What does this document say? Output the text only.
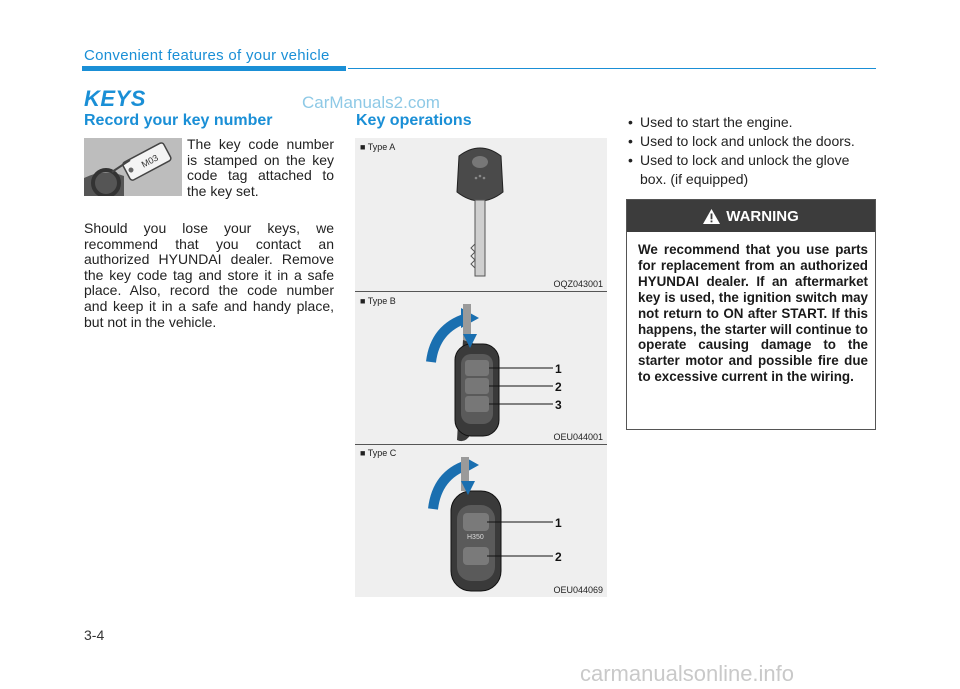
Convenient features of your vehicle
KEYS	CarManuals2.com
Record your key number
M03
The key code number is stamped on the key code tag attached to the key set.
Should you lose your keys, we recommend that you contact an authorized HYUNDAI dealer. Remove the key code tag and store it in a safe place. Also, record the code number and keep it in a safe and handy place, but not in the vehicle.
Key operations
■ Type A
OQZ043001
■ Type B
1
2
3
OEU044001
■ Type C
H350
1
2
OEU044069
• Used to start the engine.
• Used to lock and unlock the doors.
• Used to lock and unlock the glove box. (if equipped)
WARNING
We recommend that you use parts for replacement from an authorized HYUNDAI dealer. If an aftermarket key is used, the ignition switch may not return to ON after START. If this happens, the starter will continue to operate causing damage to the starter motor and possible fire due to excessive current in the wiring.
3-4
carmanualsonline.info
